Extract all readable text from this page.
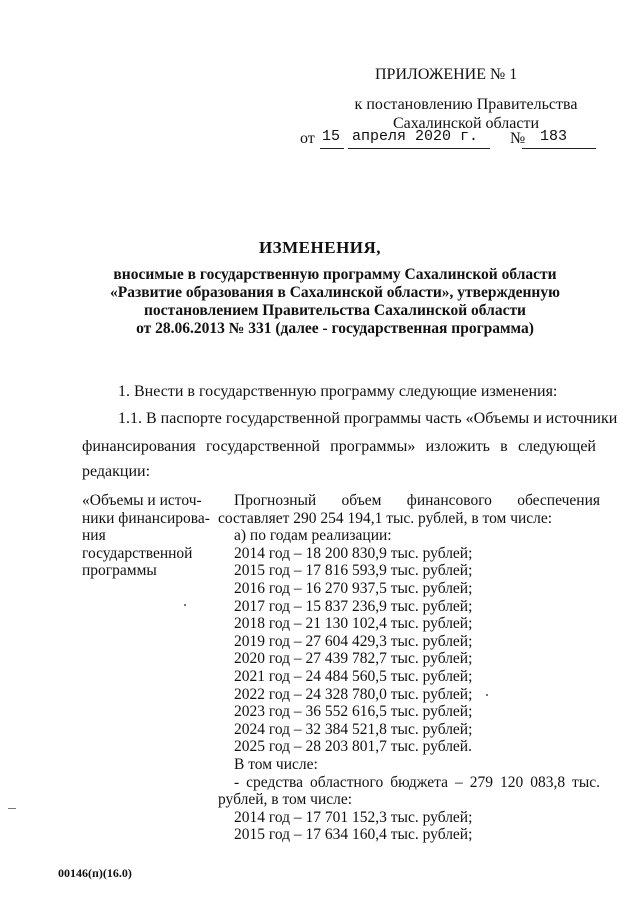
ПРИЛОЖЕНИЕ № 1
к постановлению Правительства
Сахалинской области
от 15 апреля 2020 г. № 183
ИЗМЕНЕНИЯ,
вносимые в государственную программу Сахалинской области
«Развитие образования в Сахалинской области», утвержденную
постановлением Правительства Сахалинской области
от 28.06.2013 № 331 (далее - государственная программа)
1. Внести в государственную программу следующие изменения:
1.1. В паспорте государственной программы часть «Объемы и источники
финансирования государственной программы» изложить в следующей
редакции:
«Объемы и источ-
ники финансирова-
ния государственной
программы
Прогнозный объем финансового обеспечения
составляет 290 254 194,1 тыс. рублей, в том числе:
а) по годам реализации:
2014 год – 18 200 830,9 тыс. рублей;
2015 год – 17 816 593,9 тыс. рублей;
2016 год – 16 270 937,5 тыс. рублей;
2017 год – 15 837 236,9 тыс. рублей;
2018 год – 21 130 102,4 тыс. рублей;
2019 год – 27 604 429,3 тыс. рублей;
2020 год – 27 439 782,7 тыс. рублей;
2021 год – 24 484 560,5 тыс. рублей;
2022 год – 24 328 780,0 тыс. рублей;
2023 год – 36 552 616,5 тыс. рублей;
2024 год – 32 384 521,8 тыс. рублей;
2025 год – 28 203 801,7 тыс. рублей.
В том числе:
- средства областного бюджета – 279 120 083,8 тыс.
рублей, в том числе:
2014 год – 17 701 152,3 тыс. рублей;
2015 год – 17 634 160,4 тыс. рублей;
00146(п)(16.0)
